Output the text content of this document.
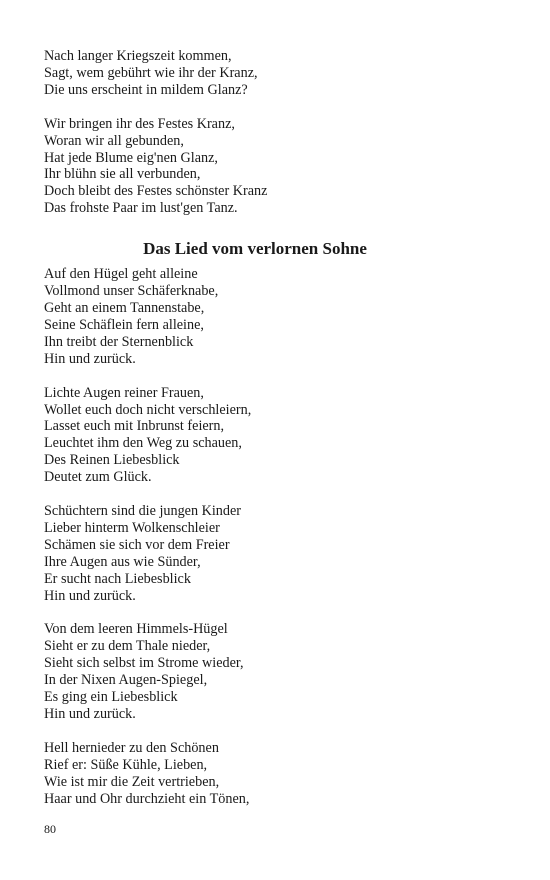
Nach langer Kriegszeit kommen,
Sagt, wem gebührt wie ihr der Kranz,
Die uns erscheint in mildem Glanz?
Wir bringen ihr des Festes Kranz,
Woran wir all gebunden,
Hat jede Blume eig'nen Glanz,
Ihr blühn sie all verbunden,
Doch bleibt des Festes schönster Kranz
Das frohste Paar im lust'gen Tanz.
Das Lied vom verlornen Sohne
Auf den Hügel geht alleine
Vollmond unser Schäferknabe,
Geht an einem Tannenstabe,
Seine Schäflein fern alleine,
Ihn treibt der Sternenblick
Hin und zurück.
Lichte Augen reiner Frauen,
Wollet euch doch nicht verschleiern,
Lasset euch mit Inbrunst feiern,
Leuchtet ihm den Weg zu schauen,
Des Reinen Liebesblick
Deutet zum Glück.
Schüchtern sind die jungen Kinder
Lieber hinterm Wolkenschleier
Schämen sie sich vor dem Freier
Ihre Augen aus wie Sünder,
Er sucht nach Liebesblick
Hin und zurück.
Von dem leeren Himmels-Hügel
Sieht er zu dem Thale nieder,
Sieht sich selbst im Strome wieder,
In der Nixen Augen-Spiegel,
Es ging ein Liebesblick
Hin und zurück.
Hell hernieder zu den Schönen
Rief er: Süße Kühle, Lieben,
Wie ist mir die Zeit vertrieben,
Haar und Ohr durchzieht ein Tönen,
80
